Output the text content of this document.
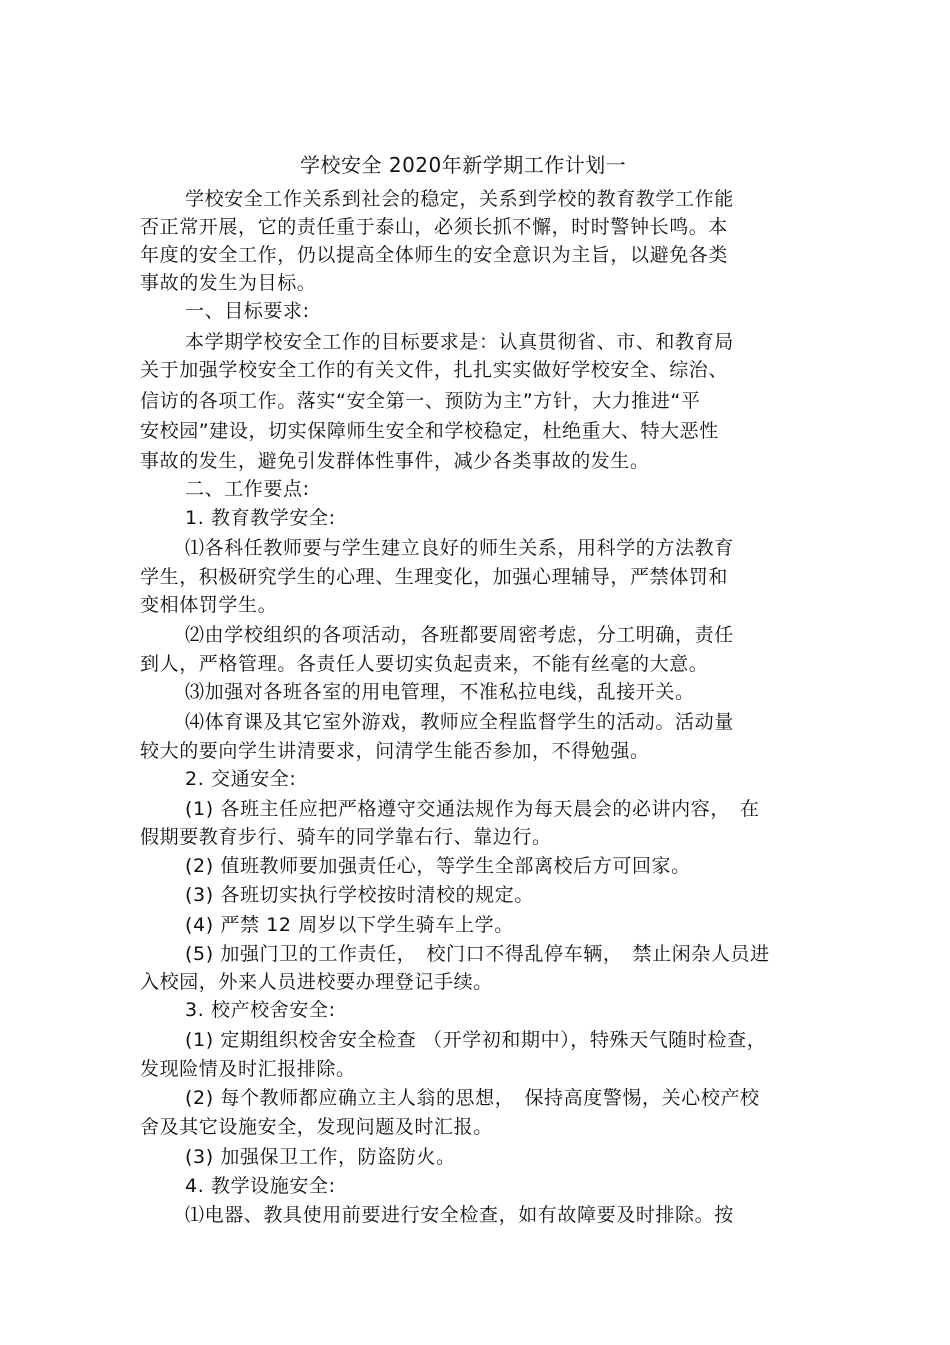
学校安全 2020年新学期工作计划一
学校安全工作关系到社会的稳定，关系到学校的教育教学工作能
否正常开展，它的责任重于泰山，必须长抓不懈，时时警钟长鸣。本
年度的安全工作，仍以提高全体师生的安全意识为主旨，以避免各类
事故的发生为目标。
一、目标要求:
本学期学校安全工作的目标要求是：认真贯彻省、市、和教育局
关于加强学校安全工作的有关文件，扎扎实实做好学校安全、综治、
信访的各项工作。落实“安全第一、预防为主”方针，大力推进“平
安校园”建设，切实保障师生安全和学校稳定，杜绝重大、特大恶性
事故的发生，避免引发群体性事件，减少各类事故的发生。
二、工作要点:
1. 教育教学安全:
⑴各科任教师要与学生建立良好的师生关系，用科学的方法教育
学生，积极研究学生的心理、生理变化，加强心理辅导，严禁体罚和
变相体罚学生。
⑵由学校组织的各项活动，各班都要周密考虑，分工明确，责任
到人，严格管理。各责任人要切实负起责来，不能有丝毫的大意。
⑶加强对各班各室的用电管理，不准私拉电线，乱接开关。
⑷体育课及其它室外游戏，教师应全程监督学生的活动。活动量
较大的要向学生讲清要求，问清学生能否参加，不得勉强。
2. 交通安全:
(1) 各班主任应把严格遵守交通法规作为每天晨会的必讲内容，　在
假期要教育步行、骑车的同学靠右行、靠边行。
(2) 值班教师要加强责任心，等学生全部离校后方可回家。
(3) 各班切实执行学校按时清校的规定。
(4) 严禁 12 周岁以下学生骑车上学。
(5) 加强门卫的工作责任，　校门口不得乱停车辆，　禁止闲杂人员进
入校园，外来人员进校要办理登记手续。
3. 校产校舍安全:
(1) 定期组织校舍安全检查 （开学初和期中），特殊天气随时检查，
发现险情及时汇报排除。
(2) 每个教师都应确立主人翁的思想，　保持高度警惕，关心校产校
舍及其它设施安全，发现问题及时汇报。
(3) 加强保卫工作，防盗防火。
4. 教学设施安全:
⑴电器、教具使用前要进行安全检查，如有故障要及时排除。按
